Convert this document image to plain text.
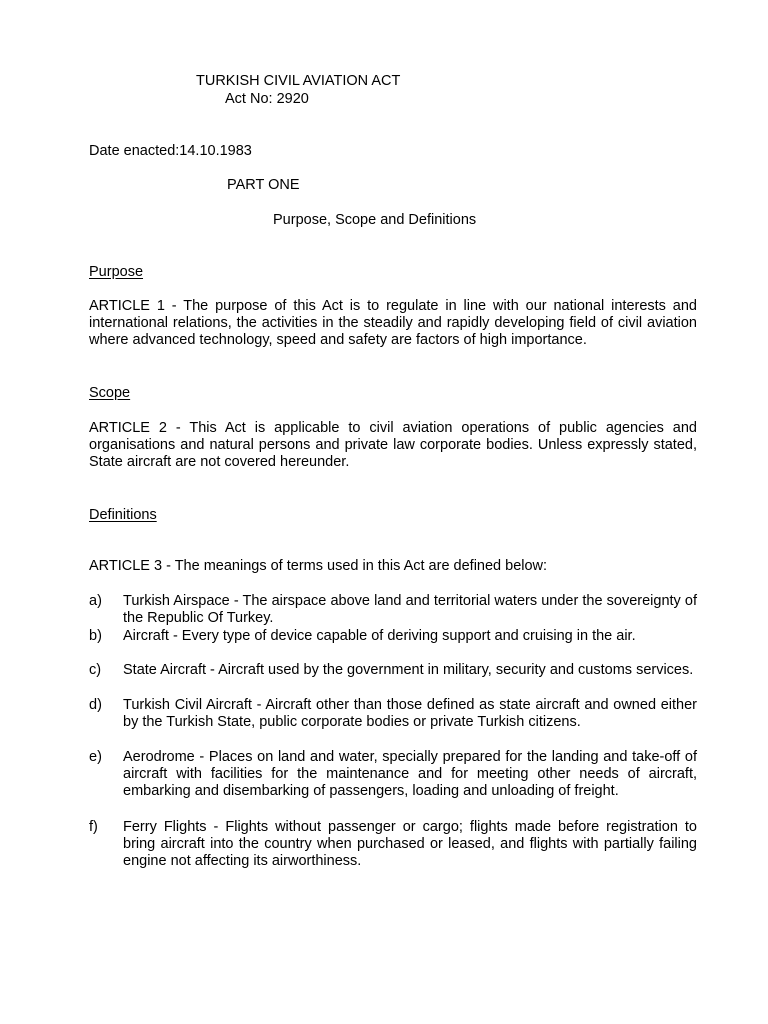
TURKISH CIVIL AVIATION ACT
Act No: 2920
Date enacted:14.10.1983
PART ONE
Purpose, Scope and Definitions
Purpose
ARTICLE 1 - The purpose of this Act is to regulate in line with our national interests and international relations, the activities in the steadily and rapidly developing field of civil aviation where advanced technology, speed and safety are factors of high importance.
Scope
ARTICLE 2 - This Act is applicable to civil aviation operations of public agencies and organisations and natural persons and private law corporate bodies. Unless expressly stated, State aircraft are not covered hereunder.
Definitions
ARTICLE 3 - The meanings of terms used in this Act are defined below:
a) Turkish Airspace - The airspace above land and territorial waters under the sovereignty of the Republic Of Turkey.
b) Aircraft - Every type of device capable of deriving support and cruising in the air.
c) State Aircraft - Aircraft used by the government in military, security and customs services.
d) Turkish Civil Aircraft - Aircraft other than those defined as state aircraft and owned either by the Turkish State, public corporate bodies or private Turkish citizens.
e) Aerodrome - Places on land and water, specially prepared for the landing and take-off of aircraft with facilities for the maintenance and for meeting other needs of aircraft, embarking and disembarking of passengers, loading and unloading of freight.
f) Ferry Flights - Flights without passenger or cargo; flights made before registration to bring aircraft into the country when purchased or leased, and flights with partially failing engine not affecting its airworthiness.
